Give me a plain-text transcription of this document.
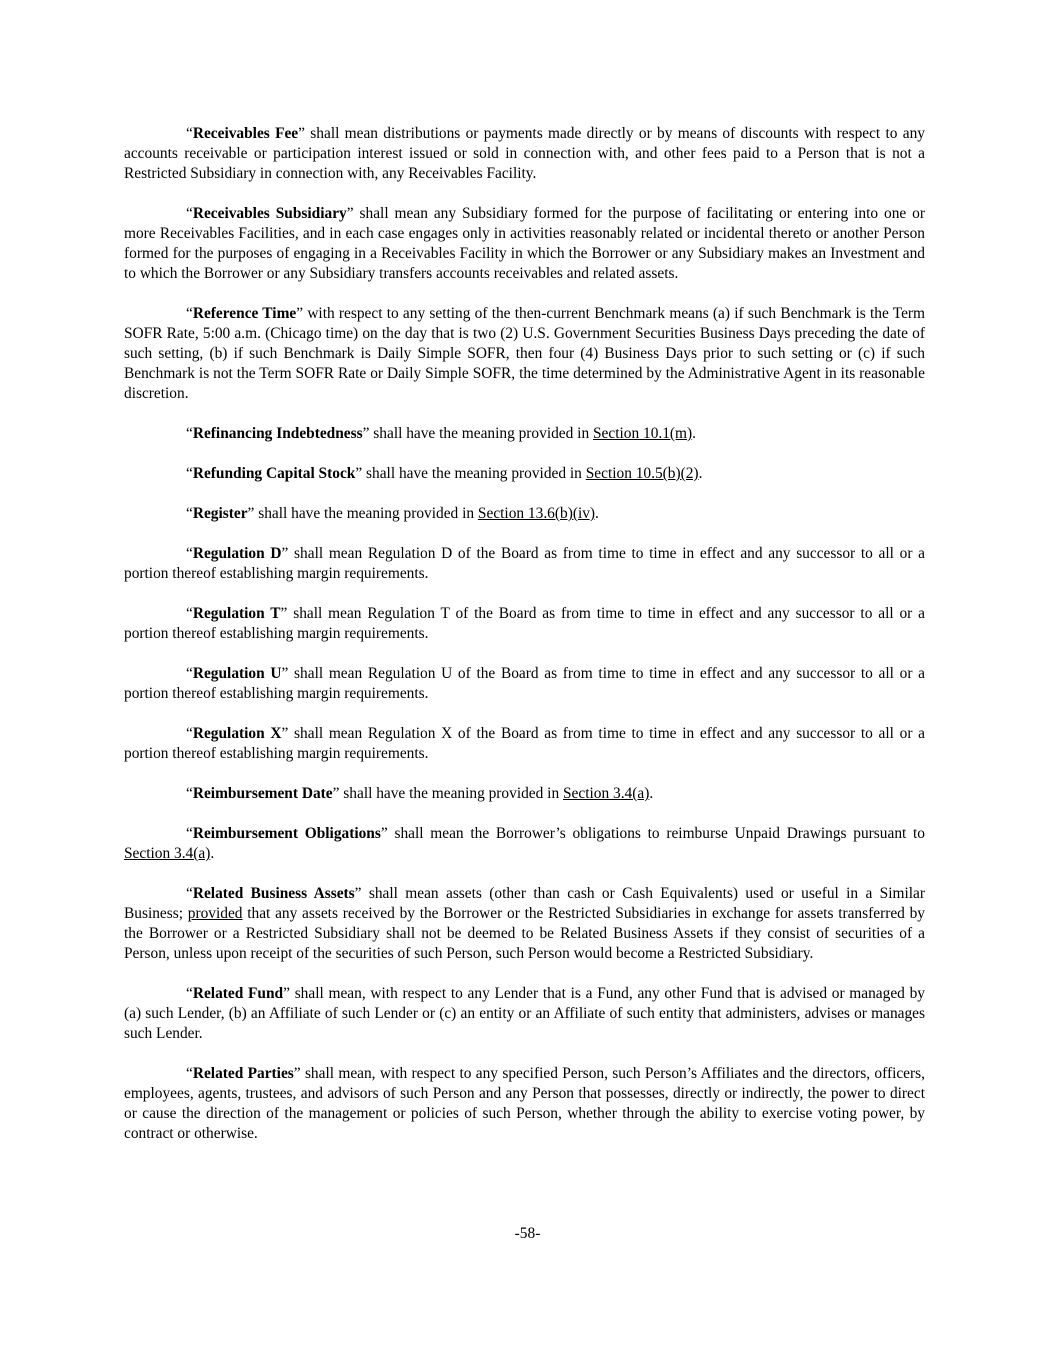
“Receivables Fee” shall mean distributions or payments made directly or by means of discounts with respect to any accounts receivable or participation interest issued or sold in connection with, and other fees paid to a Person that is not a Restricted Subsidiary in connection with, any Receivables Facility.

“Receivables Subsidiary” shall mean any Subsidiary formed for the purpose of facilitating or entering into one or more Receivables Facilities, and in each case engages only in activities reasonably related or incidental thereto or another Person formed for the purposes of engaging in a Receivables Facility in which the Borrower or any Subsidiary makes an Investment and to which the Borrower or any Subsidiary transfers accounts receivables and related assets.

“Reference Time” with respect to any setting of the then-current Benchmark means (a) if such Benchmark is the Term SOFR Rate, 5:00 a.m. (Chicago time) on the day that is two (2) U.S. Government Securities Business Days preceding the date of such setting, (b) if such Benchmark is Daily Simple SOFR, then four (4) Business Days prior to such setting or (c) if such Benchmark is not the Term SOFR Rate or Daily Simple SOFR, the time determined by the Administrative Agent in its reasonable discretion.

“Refinancing Indebtedness” shall have the meaning provided in Section 10.1(m).

“Refunding Capital Stock” shall have the meaning provided in Section 10.5(b)(2).

“Register” shall have the meaning provided in Section 13.6(b)(iv).

“Regulation D” shall mean Regulation D of the Board as from time to time in effect and any successor to all or a portion thereof establishing margin requirements.

“Regulation T” shall mean Regulation T of the Board as from time to time in effect and any successor to all or a portion thereof establishing margin requirements.

“Regulation U” shall mean Regulation U of the Board as from time to time in effect and any successor to all or a portion thereof establishing margin requirements.

“Regulation X” shall mean Regulation X of the Board as from time to time in effect and any successor to all or a portion thereof establishing margin requirements.

“Reimbursement Date” shall have the meaning provided in Section 3.4(a).

“Reimbursement Obligations” shall mean the Borrower’s obligations to reimburse Unpaid Drawings pursuant to Section 3.4(a).

“Related Business Assets” shall mean assets (other than cash or Cash Equivalents) used or useful in a Similar Business; provided that any assets received by the Borrower or the Restricted Subsidiaries in exchange for assets transferred by the Borrower or a Restricted Subsidiary shall not be deemed to be Related Business Assets if they consist of securities of a Person, unless upon receipt of the securities of such Person, such Person would become a Restricted Subsidiary.

“Related Fund” shall mean, with respect to any Lender that is a Fund, any other Fund that is advised or managed by (a) such Lender, (b) an Affiliate of such Lender or (c) an entity or an Affiliate of such entity that administers, advises or manages such Lender.

“Related Parties” shall mean, with respect to any specified Person, such Person’s Affiliates and the directors, officers, employees, agents, trustees, and advisors of such Person and any Person that possesses, directly or indirectly, the power to direct or cause the direction of the management or policies of such Person, whether through the ability to exercise voting power, by contract or otherwise.

-58-
